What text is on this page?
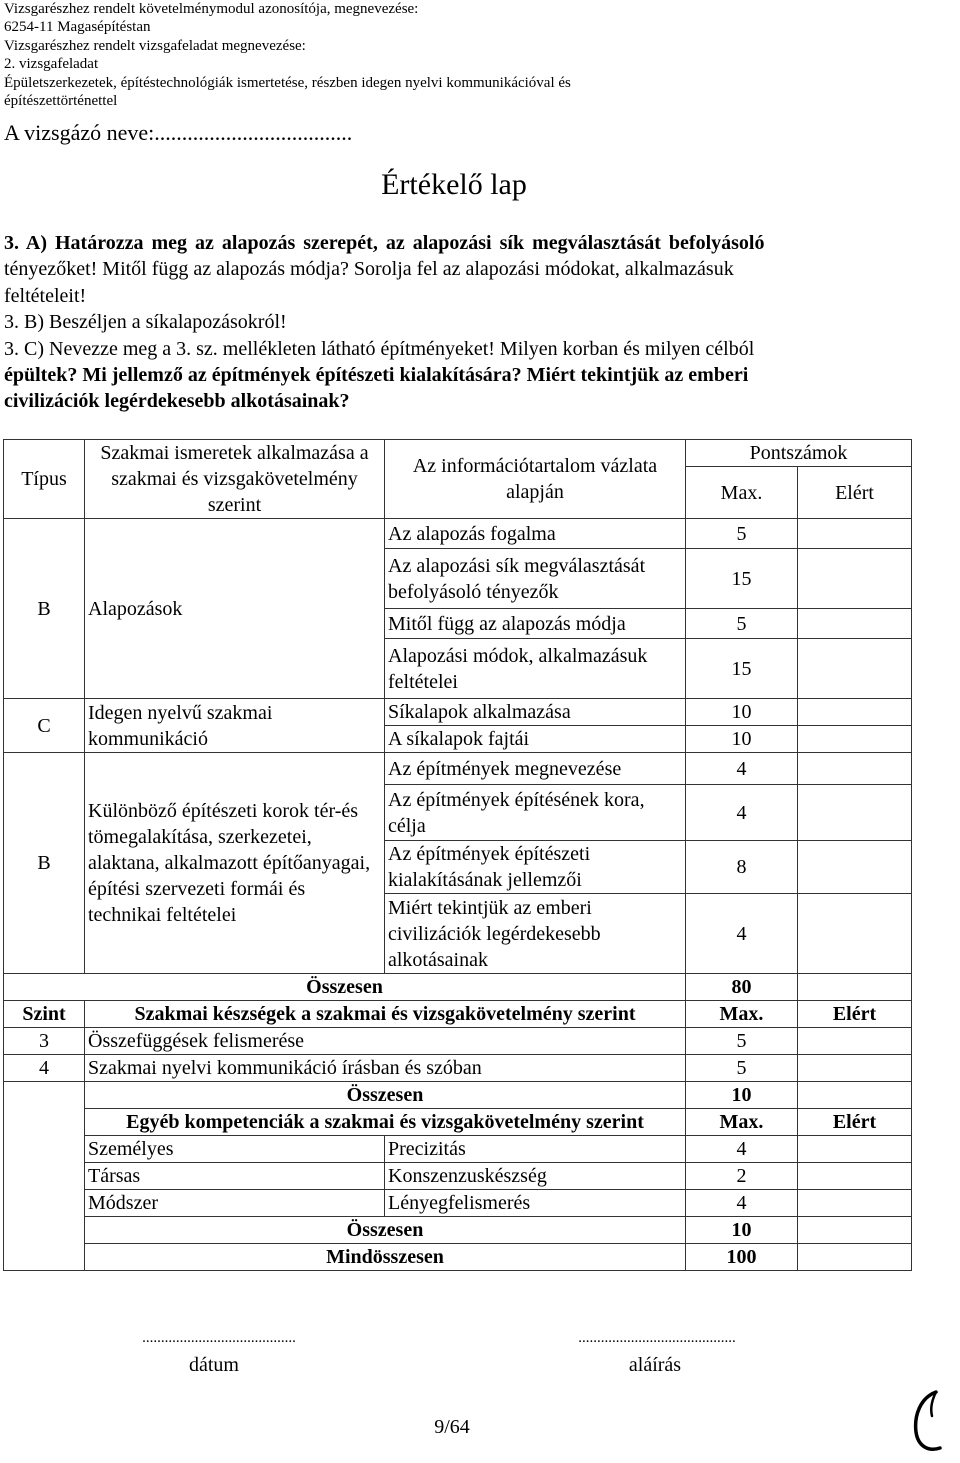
Vizsgarészhez rendelt követelménymodul azonosítója, megnevezése:
6254-11 Magasépítéstan
Vizsgarészhez rendelt vizsgafeladat megnevezése:
2. vizsgafeladat
Épületszerkezetek, építéstechnológiák ismertetése, részben idegen nyelvi kommunikációval és
építészettörténettel
A vizsgázó neve:....................................
Értékelő lap
3. A) Határozza meg az alapozás szerepét, az alapozási sík megválasztását befolyásoló
tényezőket! Mitől függ az alapozás módja? Sorolja fel az alapozási módokat, alkalmazásuk
feltételeit!
3. B) Beszéljen a síkalapozásokról!
3. C) Nevezze meg a 3. sz. mellékleten látható építményeket! Milyen korban és milyen célból
épültek? Mi jellemző az építmények építészeti kialakítására? Miért tekintjük az emberi
civilizációk legérdekesebb alkotásainak?
Típus	Szakmai ismeretek alkalmazása a szakmai és vizsgakövetelmény szerint	Az információtartalom vázlata alapján	Pontszámok	
			Max.	Elért
B	Alapozások	Az alapozás fogalma	5	
		Az alapozási sík megválasztását befolyásoló tényezők	15	
		Mitől függ az alapozás módja	5	
		Alapozási módok, alkalmazásuk feltételei	15	
C	Idegen nyelvű szakmai kommunikáció	Síkalapok alkalmazása	10	
		A síkalapok fajtái	10	
B	Különböző építészeti korok tér-és tömegalakítása, szerkezetei, alaktana, alkalmazott építőanyagai, építési szervezeti formái és technikai feltételei	Az építmények megnevezése	4	
		Az építmények építésének kora, célja	4	
		Az építmények építészeti kialakításának jellemzői	8	
		Miért tekintjük az emberi civilizációk legérdekesebb alkotásainak	4	
Összesen			80	
Szint	Szakmai készségek a szakmai és vizsgakövetelmény szerint		Max.	Elért
3	Összefüggések felismerése		5	
4	Szakmai nyelvi kommunikáció írásban és szóban		5	
	Összesen		10	
	Egyéb kompetenciák a szakmai és vizsgakövetelmény szerint		Max.	Elért
	Személyes	Precizitás	4	
	Társas	Konszenzuskészség	2	
	Módszer	Lényegfelismerés	4	
	Összesen		10	
	Mindösszesen		100	
.........................................
dátum
..........................................
aláírás
9/64
